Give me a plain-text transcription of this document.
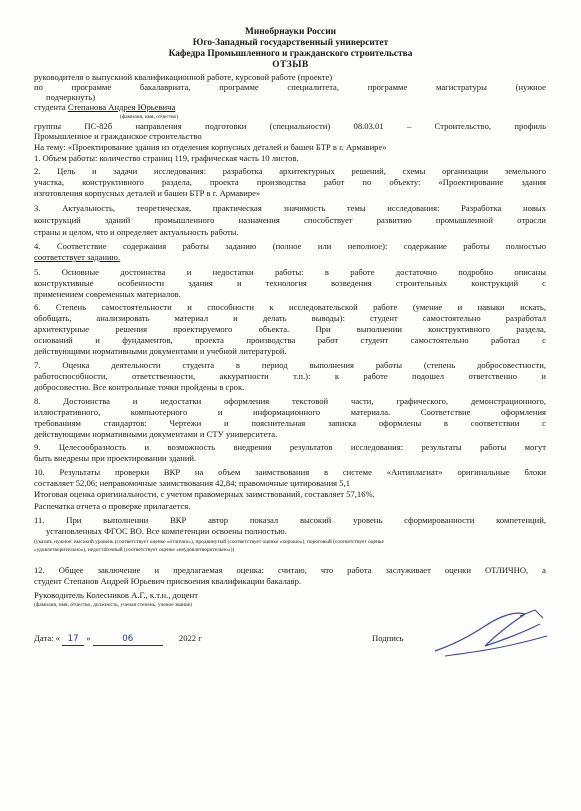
Минобрнауки России
Юго-Западный государственный университет
Кафедра Промышленного и гражданского строительства
ОТЗЫВ
руководителя о выпускной квалификационной работе, курсовой работе (проекте)
по программе бакалавриата, программе специалитета, программе магистратуры (нужное
подчеркнуть)
студента Степанова Андрея Юрьевича
(фамилия, имя, отчество)
группы ПС-82б направления подготовки (специальности) 08.03.01 – Строительство, профиль
Промышленное и гражданское строительство
На тему: «Проектирование здания из отделения корпусных деталей и башен БТР в г. Армавире»
1. Объем работы: количество страниц 119, графическая часть 10 листов.
2. Цель и задачи исследования: разработка архитектурных решений, схемы организации земельного
участка, конструктивного раздела, проекта производства работ по объекту: «Проектирование здания
изготовления корпусных деталей и башен БТР в г. Армавире»
3. Актуальность, теоретическая, практическая значимость темы исследования: Разработка новых
конструкций зданий промышленного назначения способствует развитию промышленной отрасли
страны и целом, что и определяет актуальность работы.
4. Соответствие содержания работы заданию (полное или неполное): содержание работы полностью
соответствует заданию.
5. Основные достоинства и недостатки работы: в работе достаточно подробно описаны
конструктивные особенности здания и технология возведения строительных конструкций с
применением современных материалов.
6. Степень самостоятельности и способности к исследовательской работе (умение и навыки искать,
обобщать, анализировать материал и делать выводы): студент самостоятельно разработал
архитектурные решения проектируемого объекта. При выполнении конструктивного раздела,
оснований и фундаментов, проекта производства работ студент самостоятельно работал с
действующими нормативными документами и учебной литературой.
7. Оценка деятельности студента в период выполнения работы (степень добросовестности,
работоспособности, ответственности, аккуратности т.п.): к работе подошел ответственно и
добросовестно. Все контрольные точки пройдены в срок.
8. Достоинства и недостатки оформления текстовой части, графического, демонстрационного,
иллюстративного, компьютерного и информационного материала. Соответствие оформления
требованиям стандартов: Чертежи и пояснительная записка оформлены в соответствии с
действующими нормативными документами и СТУ университета.
9. Целесообразность и возможность внедрения результатов исследования: результаты работы могут
быть внедрены при проектировании зданий.
10. Результаты проверки ВКР на объем заимствования в системе «Антиплагиат» оригинальные блоки
составляет 52,06; неправомочные заимствования 42,84; правомочные цитирования 5,1
Итоговая оценка оригинальности, с учетом правомерных заимствований, составляет 57,16%.
Распечатка отчета о проверке прилагается.
11. При выполнении ВКР автор показал высокий уровень сформированности компетенций,
установленных ФГОС ВО. Все компетенции освоены полностью.
(указать нужное: высокий уровень (соответствует оценке «отлично»), продвинутый (соответствует оценке «хорошо»), пороговый (соответствует оценке
«удовлетворительно»), недостаточный (соответствует оценке «неудовлетворительно»))
12. Общее заключение и предлагаемая оценка: считаю, что работа заслуживает оценки ОТЛИЧНО, а
студент Степанов Андрей Юрьевич присвоения квалификации бакалавр.
Руководитель Колесников А.Г., к.т.н., доцент
(фамилия, имя, отчество, должность, ученая степень, ученое звание)
Дата: « 17 »	06	2022 г	Подпись
